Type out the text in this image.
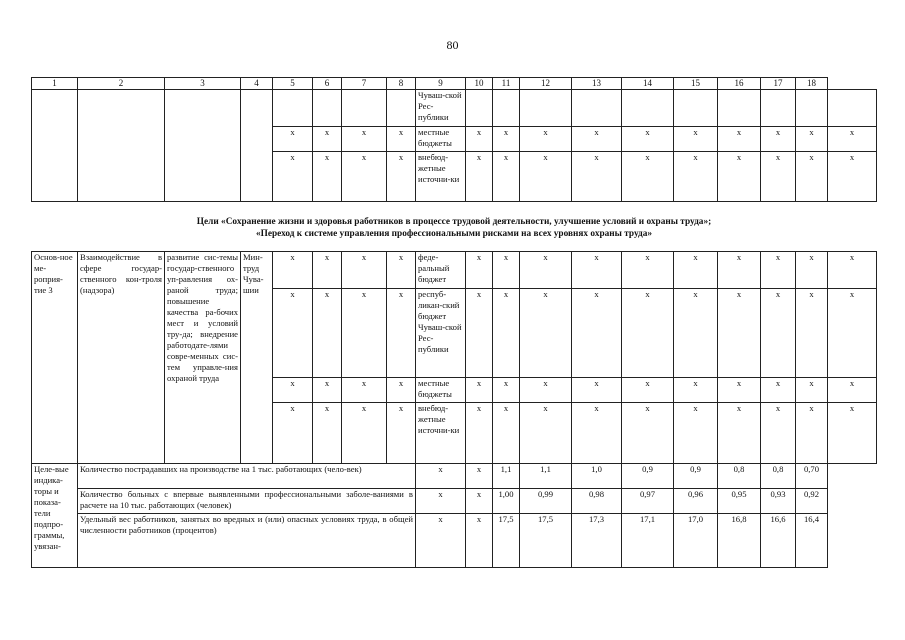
80
1	2	3	4	5	6	7	8	9	10	11	12	13	14	15	16	17	18	
								Чуваш-ской Рес-публики										
				x	x	x	x	местные бюджеты	x	x	x	x	x	x	x	x	x	x
				x	x	x	x	внебюд-жетные источни-ки	x	x	x	x	x	x	x	x	x	x
Цели «Сохранение жизни и здоровья работников в процессе трудовой деятельности, улучшение условий и охраны труда»;
«Переход к системе управления профессиональными рисками на всех уровнях охраны труда»
Основ-ное ме-роприя-тие 3	Взаимодействие в сфере государ-ственного кон-троля (надзора)	развитие сис-темы государ-ственного уп-равления ох-раной труда; повышение качества ра-бочих мест и условий тру-да; внедрение работодате-лями совре-менных сис-тем управле-ния охраной труда	Мин-труд Чува-шии	x	x	x	x	феде-ральный бюджет	x	x	x	x	x	x	x	x	x	x
				x	x	x	x	респуб-ликан-ский бюджет Чуваш-ской Рес-публики	x	x	x	x	x	x	x	x	x	x
				x	x	x	x	местные бюджеты	x	x	x	x	x	x	x	x	x	x
				x	x	x	x	внебюд-жетные источни-ки	x	x	x	x	x	x	x	x	x	x
Целе-вые индика-торы и показа-тели подпро-граммы, увязан-	Количество пострадавших на производстве на 1 тыс. работающих (чело-век)							x	x	1,1	1,1	1,0	0,9	0,9	0,8	0,8	0,70	
	Количество больных с впервые выявленными профессиональными заболе-ваниями в расчете на 10 тыс. работающих (человек)							x	x	1,00	0,99	0,98	0,97	0,96	0,95	0,93	0,92	
	Удельный вес работников, занятых во вредных и (или) опасных условиях труда, в общей численности работников (процентов)							x	x	17,5	17,5	17,3	17,1	17,0	16,8	16,6	16,4	
